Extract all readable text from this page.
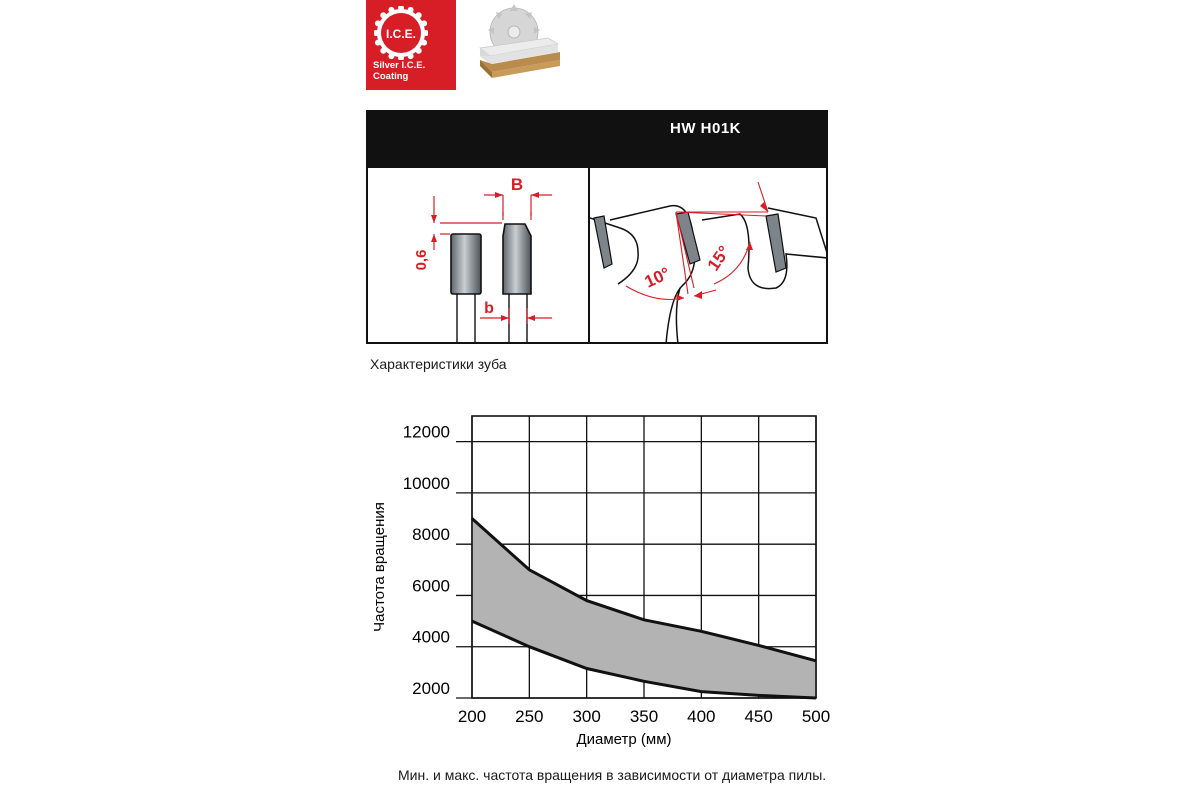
I.C.E.
Silver I.C.E.
Coating
HW H01K
B
b
0,6
10°
15°
Характеристики зуба
2000
4000
6000
8000
10000
12000
200 250 300 350 400 450 500
Диаметр (мм)
Частота вращения
Мин. и макс. частота вращения в зависимости от диаметра пилы.
